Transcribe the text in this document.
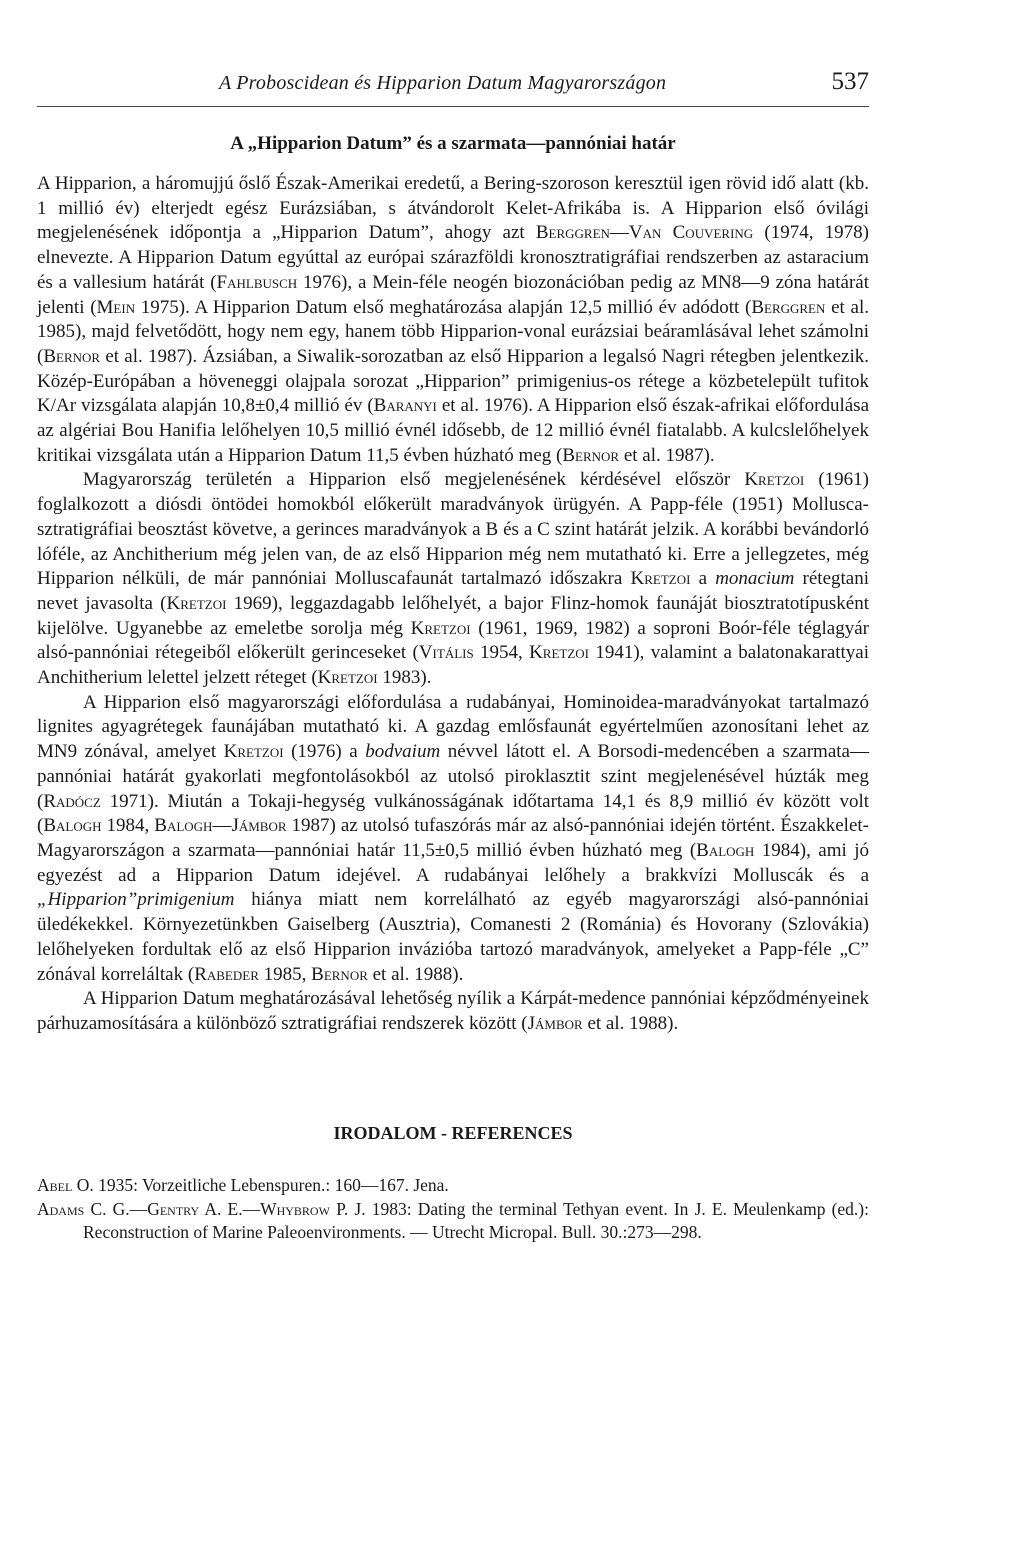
A Proboscidean és Hipparion Datum Magyarországon	537
A „Hipparion Datum” és a szarmata—pannóniai határ

A Hipparion, a háromujjú őslő Észak-Amerikai eredetű, a Bering-szoroson keresztül igen rövid idő alatt (kb. 1 millió év) elterjedt egész Eurázsiában, s átvándorolt Kelet-Afrikába is. A Hipparion első óvilági megjelenésének időpontja a „Hipparion Datum”, ahogy azt Berggren—Van Couvering (1974, 1978) elnevezte. A Hipparion Datum egyúttal az európai szárazföldi kronosztratigráfiai rendszerben az astaracium és a vallesium határát (Fahlbusch 1976), a Mein-féle neogén biozonációban pedig az MN8—9 zóna határát jelenti (Mein 1975). A Hipparion Datum első meghatározása alapján 12,5 millió év adódott (Berggren et al. 1985), majd felvetődött, hogy nem egy, hanem több Hipparion-vonal eurázsiai beáramlásával lehet számolni (Bernor et al. 1987). Ázsiában, a Siwalik-sorozatban az első Hipparion a legalsó Nagri rétegben jelentkezik. Közép-Európában a höveneggi olajpala sorozat „Hipparion” primigenius-os rétege a közbetelepült tufitok K/Ar vizsgálata alapján 10,8±0,4 millió év (Baranyi et al. 1976). A Hipparion első észak-afrikai előfordulása az algériai Bou Hanifia lelőhelyen 10,5 millió évnél idősebb, de 12 millió évnél fiatalabb. A kulcslelőhelyek kritikai vizsgálata után a Hipparion Datum 11,5 évben húzható meg (Bernor et al. 1987).

Magyarország területén a Hipparion első megjelenésének kérdésével először Kretzoi (1961) foglalkozott a diósdi öntödei homokból előkerült maradványok ürügyén. A Papp-féle (1951) Mollusca-sztratigráfiai beosztást követve, a gerinces maradványok a B és a C szint határát jelzik. A korábbi bevándorló lóféle, az Anchitherium még jelen van, de az első Hipparion még nem mutatható ki. Erre a jellegzetes, még Hipparion nélküli, de már pannóniai Molluscafaunát tartalmazó időszakra Kretzoi a monacium rétegtani nevet javasolta (Kretzoi 1969), leggazdagabb lelőhelyét, a bajor Flinz-homok faunáját biosztratotípusként kijelölve. Ugyanebbe az emeletbe sorolja még Kretzoi (1961, 1969, 1982) a soproni Boór-féle téglagyár alsó-pannóniai rétegeiből előkerült gerinceseket (Vitális 1954, Kretzoi 1941), valamint a balatonakarattyai Anchitherium lelettel jelzett réteget (Kretzoi 1983).

A Hipparion első magyarországi előfordulása a rudabányai, Hominoidea-maradványokat tartalmazó lignites agyagrétegek faunájában mutatható ki. A gazdag emlősfaunát egyértelműen azonosítani lehet az MN9 zónával, amelyet Kretzoi (1976) a bodvaium névvel látott el. A Borsodi-medencében a szarmata—pannóniai határát gyakorlati megfontolásokból az utolsó piroklasztit szint megjelenésével húzták meg (Radócz 1971). Miután a Tokaji-hegység vulkánosságának időtartama 14,1 és 8,9 millió év között volt (Balogh 1984, Balogh—Jámbor 1987) az utolsó tufaszórás már az alsó-pannóniai idején történt. Északkelet-Magyarországon a szarmata—pannóniai határ 11,5±0,5 millió évben húzható meg (Balogh 1984), ami jó egyezést ad a Hipparion Datum idejével. A rudabányai lelőhely a brakkvízi Molluscák és a „Hipparion”primigenium hiánya miatt nem korrelálható az egyéb magyarországi alsó-pannóniai üledékekkel. Környezetünkben Gaiselberg (Ausztria), Comanesti 2 (Románia) és Hovorany (Szlovákia) lelőhelyeken fordultak elő az első Hipparion invázióba tartozó maradványok, amelyeket a Papp-féle „C” zónával korreláltak (Rabeder 1985, Bernor et al. 1988).

A Hipparion Datum meghatározásával lehetőség nyílik a Kárpát-medence pannóniai képződményeinek párhuzamosítására a különböző sztratigráfiai rendszerek között (Jámbor et al. 1988).

IRODALOM - REFERENCES

Abel O. 1935: Vorzeitliche Lebenspuren.: 160—167. Jena.

Adams C. G.—Gentry A. E.—Whybrow P. J. 1983: Dating the terminal Tethyan event. In J. E. Meulenkamp (ed.): Reconstruction of Marine Paleoenvironments. — Utrecht Micropal. Bull. 30.:273—298.
